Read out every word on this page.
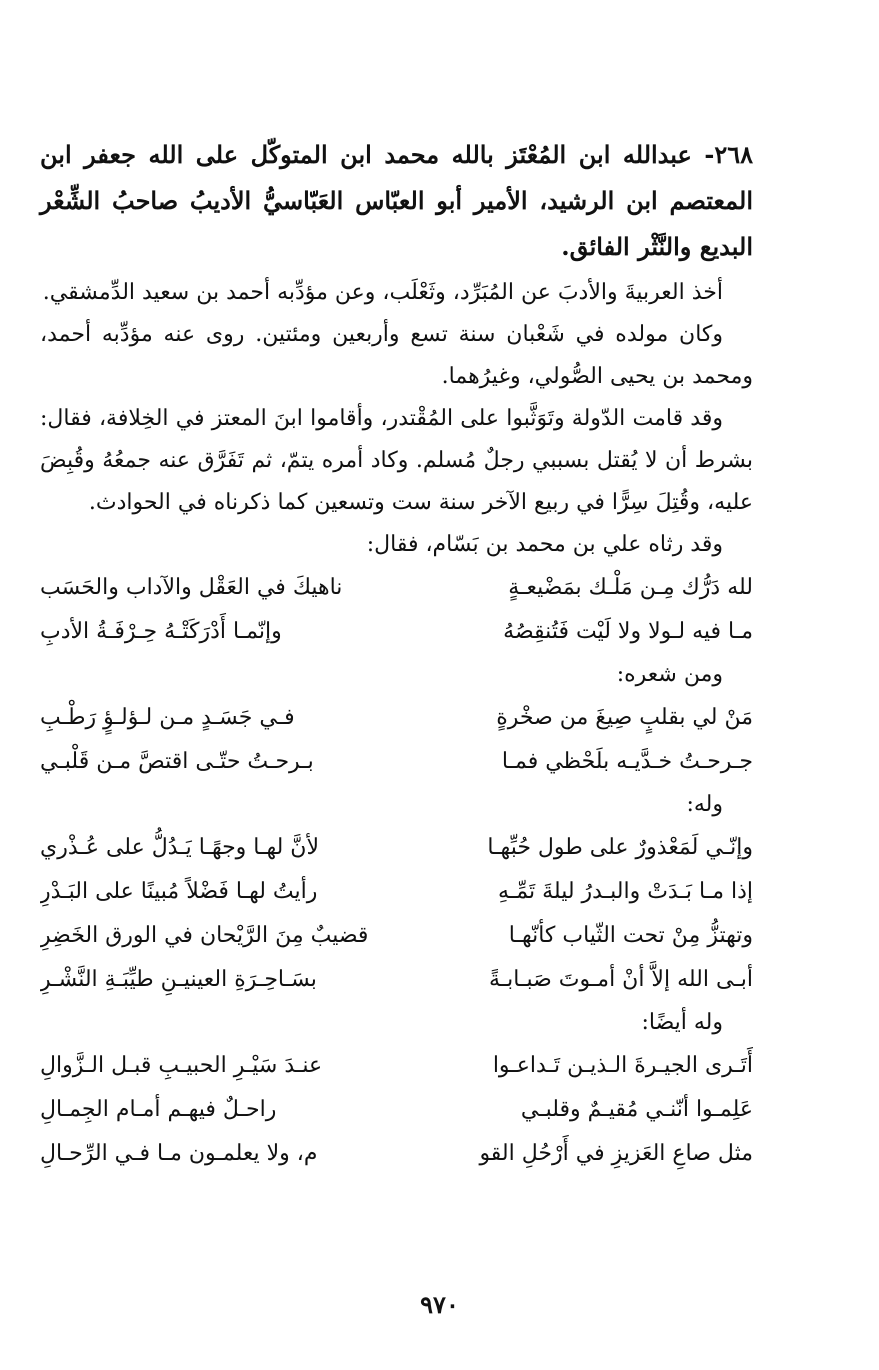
٢٦٨- عبدالله ابن المُعْتَز بالله محمد ابن المتوكّل على الله جعفر ابن المعتصم ابن الرشيد، الأمير أبو العبّاس العَبّاسيُّ الأديبُ صاحبُ الشِّعْر البديع والنَّثْر الفائق.

أخذ العربيةَ والأدبَ عن المُبَرِّد، وثَعْلَب، وعن مؤدِّبه أحمد بن سعيد الدِّمشقي.

وكان مولده في شَعْبان سنة تسع وأربعين ومئتين. روى عنه مؤدِّبه أحمد، ومحمد بن يحيى الصُّولي، وغيرُهما.

وقد قامت الدّولة وتَوَثَّبوا على المُقْتدر، وأقاموا ابنَ المعتز في الخِلافة، فقال: بشرط أن لا يُقتل بسببي رجلٌ مُسلم. وكاد أمره يتمّ، ثم تَفَرَّق عنه جمعُهُ وقُبِضَ عليه، وقُتِلَ سِرًّا في ربيع الآخر سنة ست وتسعين كما ذكرناه في الحوادث.

وقد رثاه علي بن محمد بن بَسّام، فقال:

لله دَرُّك مِـن مَلْـك بمَضْيعـةٍ
ناهيكَ في العَقْل والآداب والحَسَب
مـا فيه لـولا ولا لَيْت فَتُنقِصُهُ
وإنّمـا أَدْرَكَتْـهُ حِـرْفَـةُ الأدبِ

ومن شعره:

مَنْ لي بقلبٍ صِيغَ من صخْرةٍ
فـي جَسَـدٍ مـن لـؤلـؤٍ رَطْـبِ
جـرحـتُ خـدَّيـه بلَحْظي فمـا
بـرحـتُ حتّـى اقتصَّ مـن قَلْبـي

وله:

وإنّـي لَمَعْذورٌ على طول حُبِّهـا
لأنَّ لهـا وجهًـا يَـدُلُّ على عُـذْري
إذا مـا بَـدَتْ والبـدرُ ليلةَ تَمِّـهِ
رأيتُ لهـا فَضْلاً مُبينًا على البَـدْرِ
وتهتزُّ مِنْ تحت الثّياب كأنّهـا
قضيبٌ مِنَ الرَّيْحان في الورق الخَضِرِ
أبـى الله إلاَّ أنْ أمـوتَ صَبـابـةً
بسَـاحِـرَةِ العينيـنِ طيِّبَـةِ النَّشْـرِ

وله أيضًا:

أَتَـرى الجيـرةَ الـذيـن تَـداعـوا
عنـدَ سَيْـرِ الحبيـبِ قبـل الـزَّوالِ
عَلِمـوا أنّنـي مُقيـمٌ وقلبـي
راحـلٌ فيهـم أمـام الجِمـالِ
مثل صاعِ العَزيزِ في أَرْحُلِ القو
م، ولا يعلمـون مـا فـي الرِّحـالِ
٩٧٠
